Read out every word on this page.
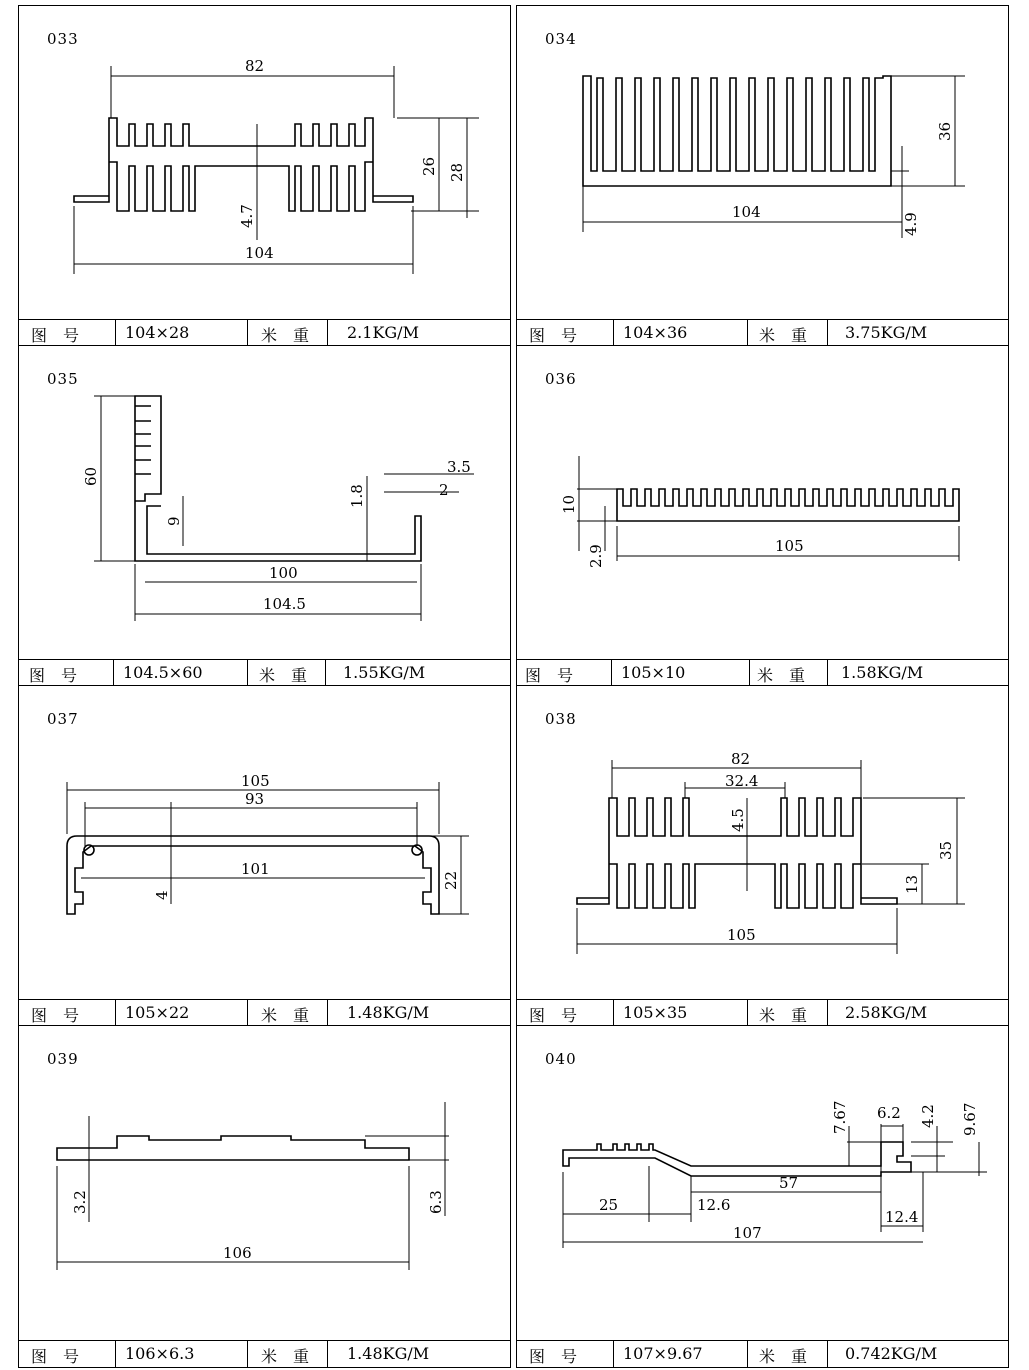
033
82
26 28
4.7
104
图　号	104×28	米　重 2.1KG/M
034
36
104
4.9
图　号	104×36	米　重 3.75KG/M
035
60
9
1.8
3.5
2
100
104.5
图　号	104.5×60	米　重 1.55KG/M
036
10
2.9	105
图　号	105×10	米　重 1.58KG/M
037
105
93
101
4
22
图　号	105×22	米　重 1.48KG/M
038
82
32.4
4.5
35
13
105
图　号	105×35	米　重 2.58KG/M
039
3.2	6.3
106
图　号	106×6.3	米　重 1.48KG/M
040
7.67 6.2 4.2 9.67
57
25	12.6
12.4
107
图　号	107×9.67	米　重 0.742KG/M
